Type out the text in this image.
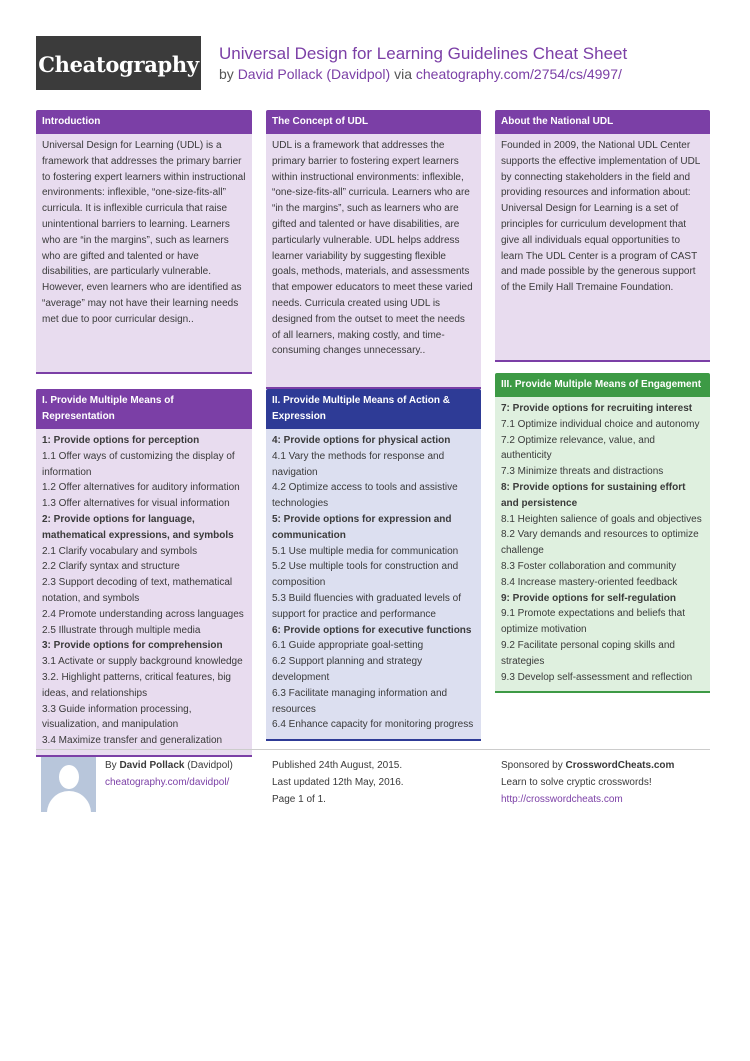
Cheatography Universal Design for Learning Guidelines Cheat Sheet
by David Pollack (Davidpol) via cheatography.com/2754/cs/4997/
Introduction
Universal Design for Learning (UDL) is a framework that addresses the primary barrier to fostering expert learners within instructional environments: inflexible, “one-size-fits-all” curricula. It is inflexible curricula that raise unintentional barriers to learning. Learners who are “in the margins”, such as learners who are gifted and talented or have disabilities, are particularly vulnerable. However, even learners who are identified as “average” may not have their learning needs met due to poor curricular design..
The Concept of UDL
UDL is a framework that addresses the primary barrier to fostering expert learners within instructional environments: inflexible, “one-size-fits-all” curricula. Learners who are “in the margins”, such as learners who are gifted and talented or have disabilities, are particularly vulnerable. UDL helps address learner variability by suggesting flexible goals, methods, materials, and assessments that empower educators to meet these varied needs. Curricula created using UDL is designed from the outset to meet the needs of all learners, making costly, and time-consuming changes unnecessary..
About the National UDL
Founded in 2009, the National UDL Center supports the effective implementation of UDL by connecting stakeholders in the field and providing resources and information about: Universal Design for Learning is a set of principles for curriculum development that give all individuals equal opportunities to learn The UDL Center is a program of CAST and made possible by the generous support of the Emily Hall Tremaine Foundation.
I. Provide Multiple Means of Representation
1: Provide options for perception
1.1 Offer ways of customizing the display of information
1.2 Offer alternatives for auditory information
1.3 Offer alternatives for visual information
2: Provide options for language, mathematical expressions, and symbols
2.1 Clarify vocabulary and symbols
2.2 Clarify syntax and structure
2.3 Support decoding of text, mathematical notation, and symbols
2.4 Promote understanding across languages
2.5 Illustrate through multiple media
3: Provide options for comprehension
3.1 Activate or supply background knowledge
3.2. Highlight patterns, critical features, big ideas, and relationships
3.3 Guide information processing, visualization, and manipulation
3.4 Maximize transfer and generalization
II. Provide Multiple Means of Action & Expression
4: Provide options for physical action
4.1 Vary the methods for response and navigation
4.2 Optimize access to tools and assistive technologies
5: Provide options for expression and communication
5.1 Use multiple media for communication
5.2 Use multiple tools for construction and composition
5.3 Build fluencies with graduated levels of support for practice and performance
6: Provide options for executive functions
6.1 Guide appropriate goal-setting
6.2 Support planning and strategy development
6.3 Facilitate managing information and resources
6.4 Enhance capacity for monitoring progress
III. Provide Multiple Means of Engagement
7: Provide options for recruiting interest
7.1 Optimize individual choice and autonomy
7.2 Optimize relevance, value, and authenticity
7.3 Minimize threats and distractions
8: Provide options for sustaining effort and persistence
8.1 Heighten salience of goals and objectives
8.2 Vary demands and resources to optimize challenge
8.3 Foster collaboration and community
8.4 Increase mastery-oriented feedback
9: Provide options for self-regulation
9.1 Promote expectations and beliefs that optimize motivation
9.2 Facilitate personal coping skills and strategies
9.3 Develop self-assessment and reflection
By David Pollack (Davidpol)
cheatography.com/davidpol/
Published 24th August, 2015.
Last updated 12th May, 2016.
Page 1 of 1.
Sponsored by CrosswordCheats.com
Learn to solve cryptic crosswords!
http://crosswordcheats.com
